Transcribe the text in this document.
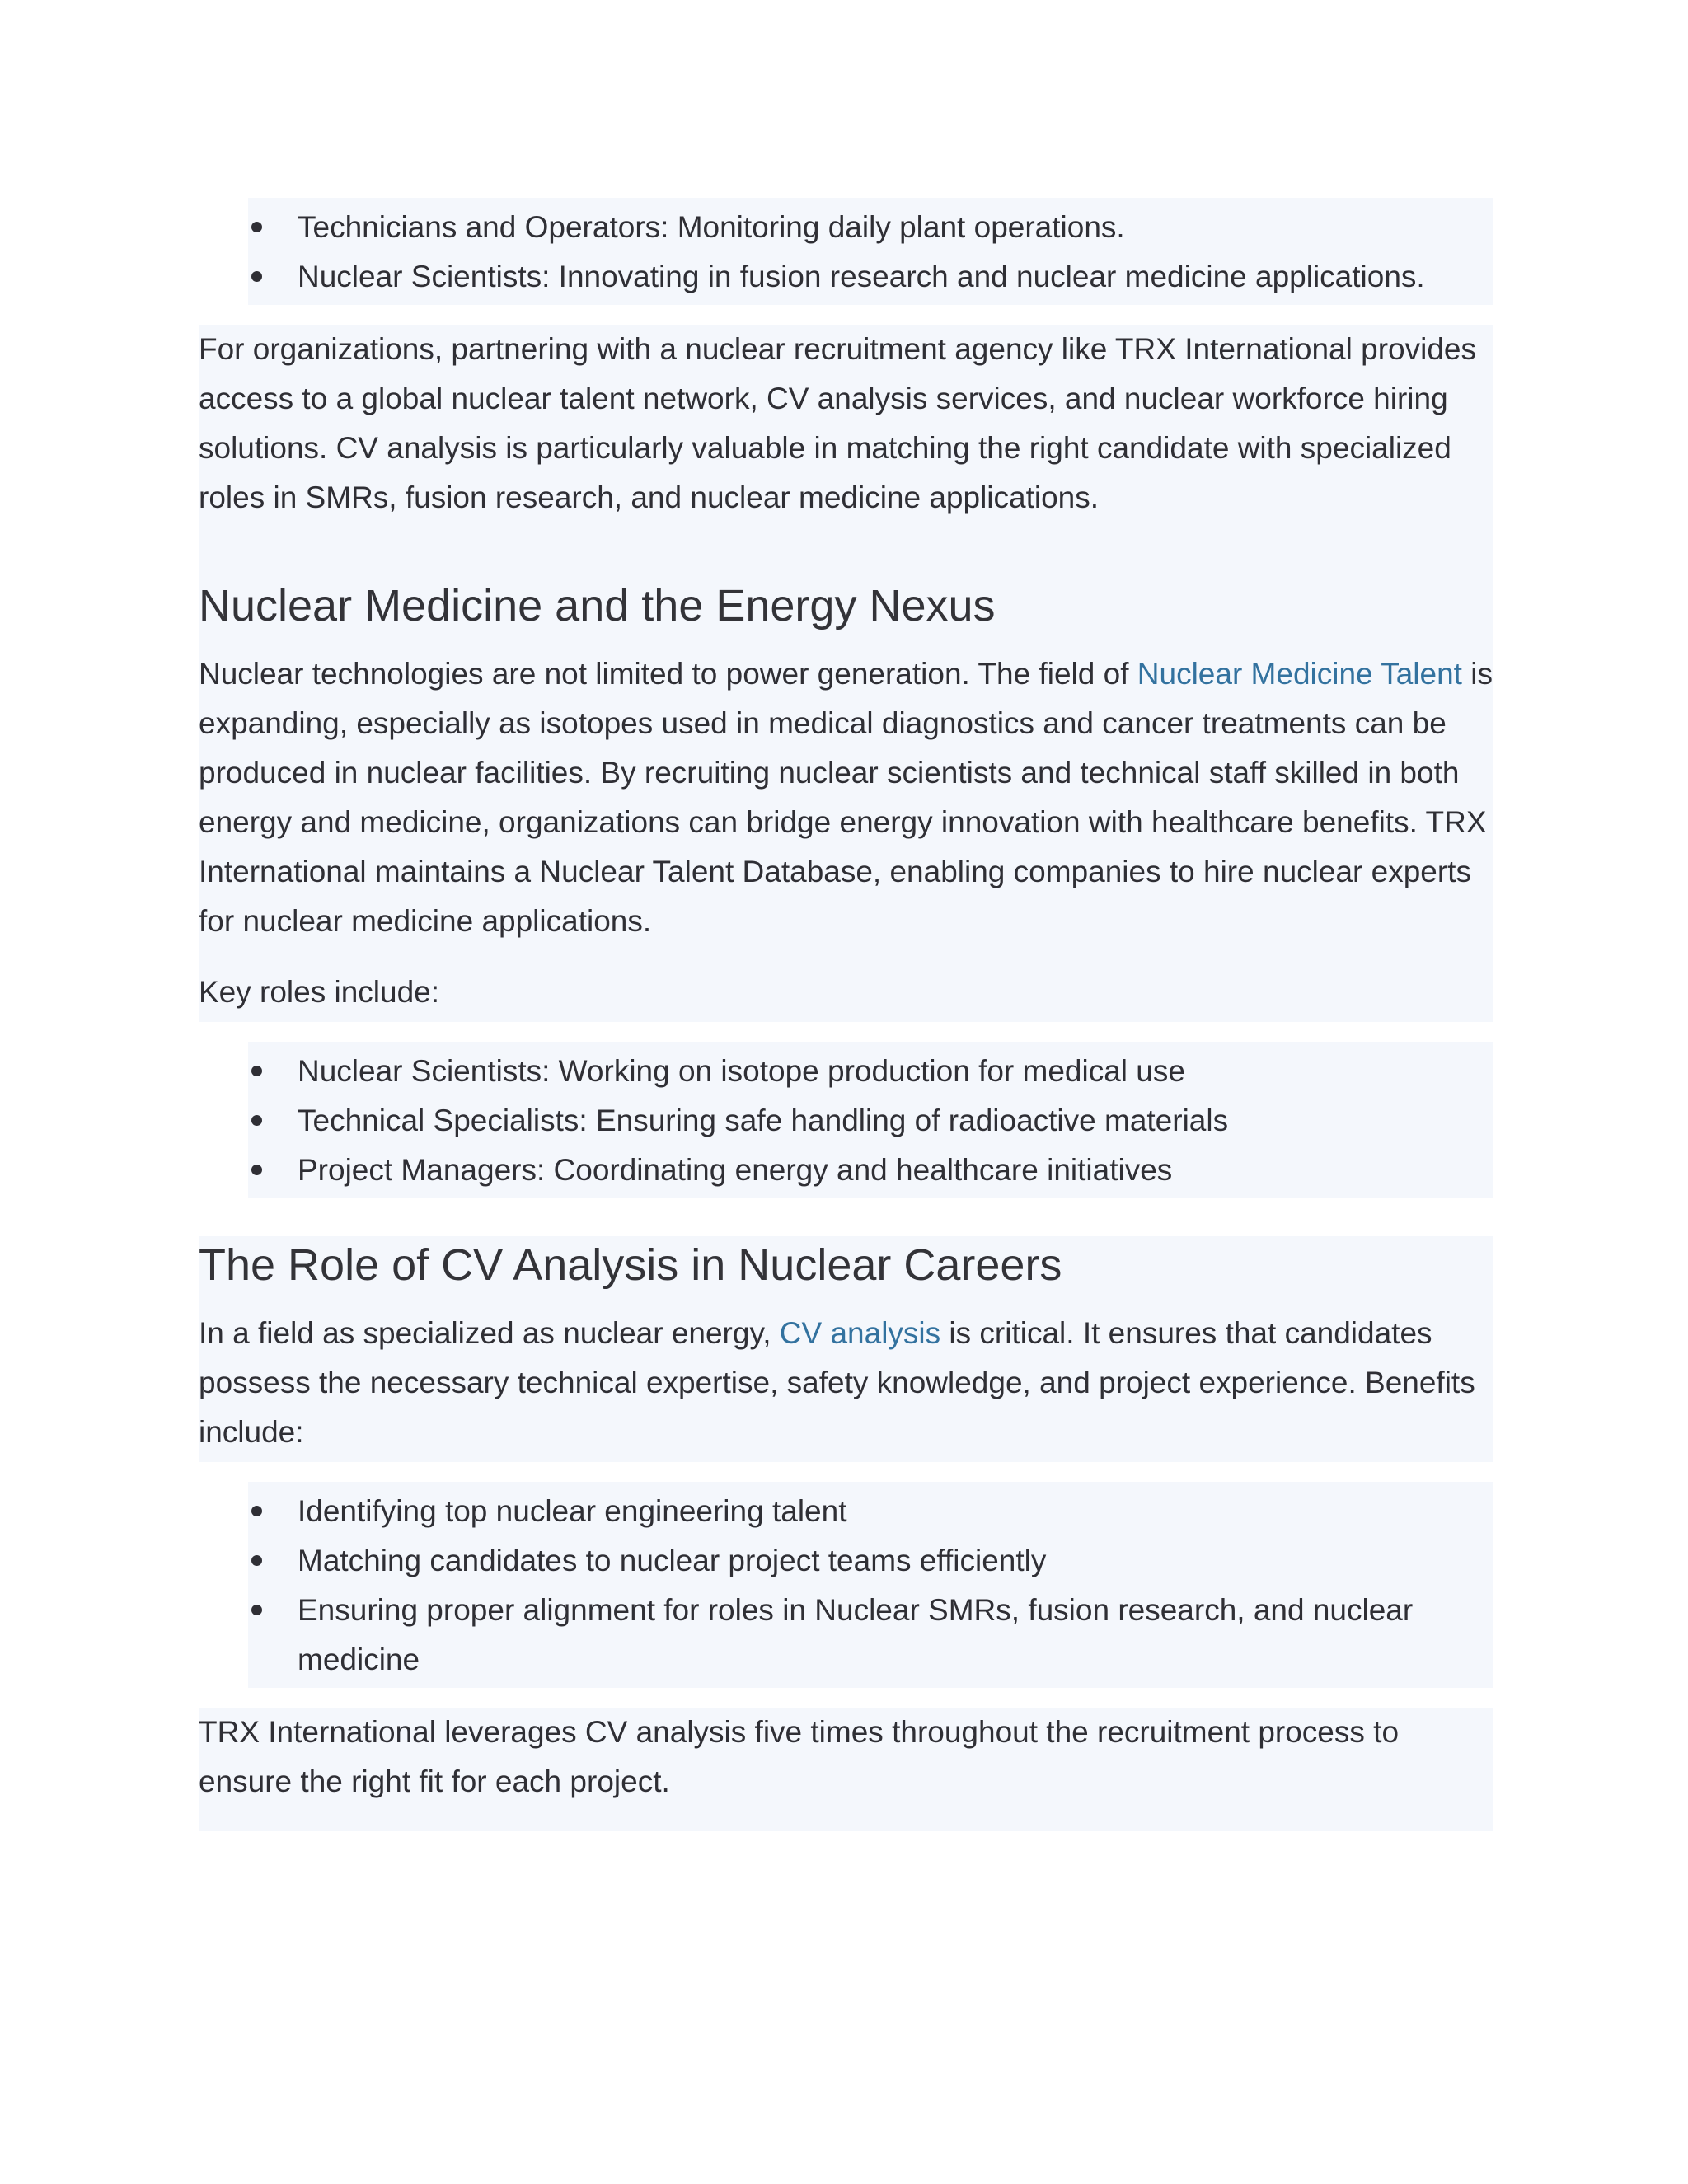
Technicians and Operators: Monitoring daily plant operations.
Nuclear Scientists: Innovating in fusion research and nuclear medicine applications.

For organizations, partnering with a nuclear recruitment agency like TRX International provides access to a global nuclear talent network, CV analysis services, and nuclear workforce hiring solutions. CV analysis is particularly valuable in matching the right candidate with specialized roles in SMRs, fusion research, and nuclear medicine applications.

Nuclear Medicine and the Energy Nexus

Nuclear technologies are not limited to power generation. The field of Nuclear Medicine Talent is expanding, especially as isotopes used in medical diagnostics and cancer treatments can be produced in nuclear facilities. By recruiting nuclear scientists and technical staff skilled in both energy and medicine, organizations can bridge energy innovation with healthcare benefits. TRX International maintains a Nuclear Talent Database, enabling companies to hire nuclear experts for nuclear medicine applications.

Key roles include:

Nuclear Scientists: Working on isotope production for medical use
Technical Specialists: Ensuring safe handling of radioactive materials
Project Managers: Coordinating energy and healthcare initiatives
The Role of CV Analysis in Nuclear Careers

In a field as specialized as nuclear energy, CV analysis is critical. It ensures that candidates possess the necessary technical expertise, safety knowledge, and project experience. Benefits include:

Identifying top nuclear engineering talent
Matching candidates to nuclear project teams efficiently
Ensuring proper alignment for roles in Nuclear SMRs, fusion research, and nuclear medicine

TRX International leverages CV analysis five times throughout the recruitment process to ensure the right fit for each project.
